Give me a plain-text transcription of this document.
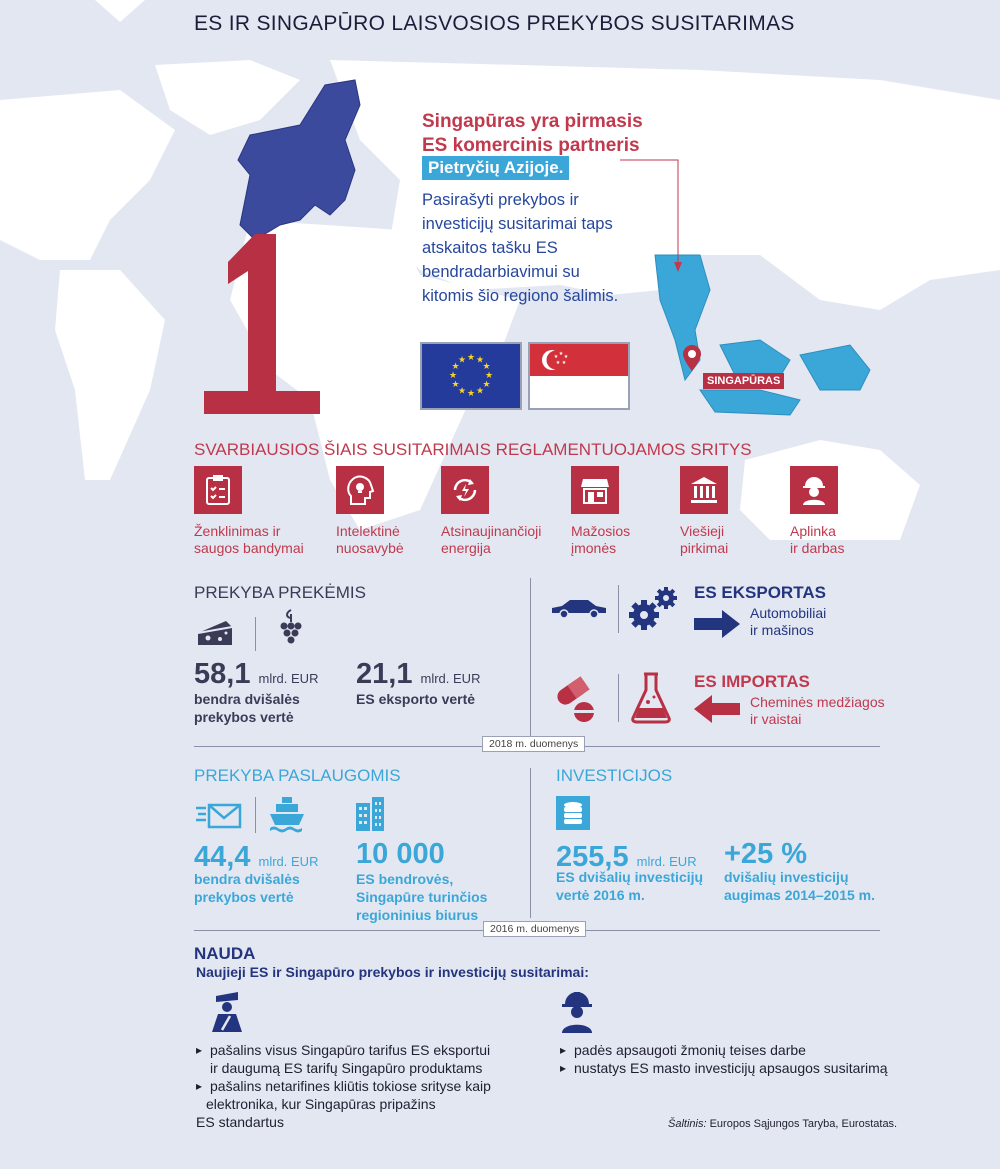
ES IR SINGAPŪRO LAISVOSIOS PREKYBOS SUSITARIMAS
Singapūras yra pirmasis
ES komercinis partneris
Pietryčių Azijoje.
Pasirašyti prekybos ir
investicijų susitarimai taps
atskaitos tašku ES
bendradarbiavimui su
kitomis šio regiono šalimis.
★ ★
★
★
★
★
★
★
★
★
★
★
★ ★
★
★
★
SINGAPŪRAS
SVARBIAUSIOS ŠIAIS SUSITARIMAIS REGLAMENTUOJAMOS SRITYS
Ženklinimas ir
saugos bandymai
Intelektinė
nuosavybė
Atsinaujinančioji
energija
Mažosios
įmonės
Viešieji
pirkimai
Aplinka
ir darbas
PREKYBA PREKĖMIS
58,1 mlrd. EUR
bendra dvišalės
prekybos vertė
21,1 mlrd. EUR
ES eksporto vertė
ES EKSPORTAS
Automobiliai
ir mašinos
ES IMPORTAS
Cheminės medžiagos
ir vaistai
2018 m. duomenys
PREKYBA PASLAUGOMIS
44,4 mlrd. EUR
bendra dvišalės
prekybos vertė
10 000
ES bendrovės,
Singapūre turinčios
regioninius biurus
INVESTICIJOS
255,5 mlrd. EUR
ES dvišalių investicijų
vertė 2016 m.
+25 %
dvišalių investicijų
augimas 2014–2015 m.
2016 m. duomenys
NAUDA
Naujieji ES ir Singapūro prekybos ir investicijų susitarimai:
▸ pašalins visus Singapūro tarifus ES eksportui
ir daugumą ES tarifų Singapūro produktams
▸ pašalins netarifines kliūtis tokiose srityse kaip
elektronika, kur Singapūras pripažins
ES standartus
▸ padės apsaugoti žmonių teises darbe
▸ nustatys ES masto investicijų apsaugos susitarimą
Šaltinis: Europos Sąjungos Taryba, Eurostatas.
